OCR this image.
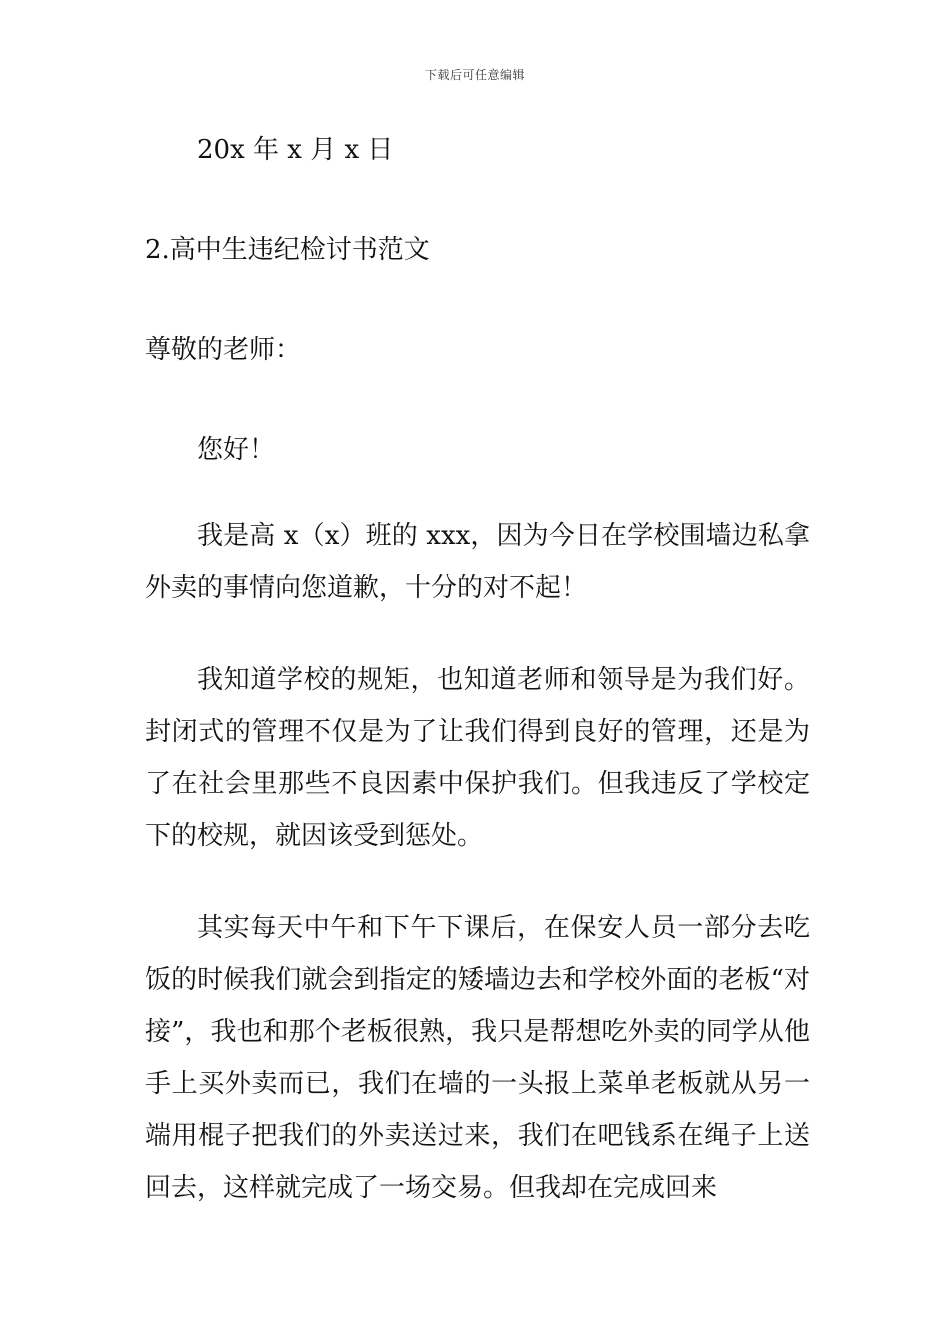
下载后可任意编辑

20x 年 x 月 x 日

2.高中生违纪检讨书范文

尊敬的老师：

您好！

我是高 x（x）班的 xxx，因为今日在学校围墙边私拿外卖的事情向您道歉，十分的对不起！

我知道学校的规矩，也知道老师和领导是为我们好。封闭式的管理不仅是为了让我们得到良好的管理，还是为了在社会里那些不良因素中保护我们。但我违反了学校定下的校规，就因该受到惩处。

其实每天中午和下午下课后，在保安人员一部分去吃饭的时候我们就会到指定的矮墙边去和学校外面的老板“对接”，我也和那个老板很熟，我只是帮想吃外卖的同学从他手上买外卖而已，我们在墙的一头报上菜单老板就从另一端用棍子把我们的外卖送过来，我们在吧钱系在绳子上送回去，这样就完成了一场交易。但我却在完成回来
